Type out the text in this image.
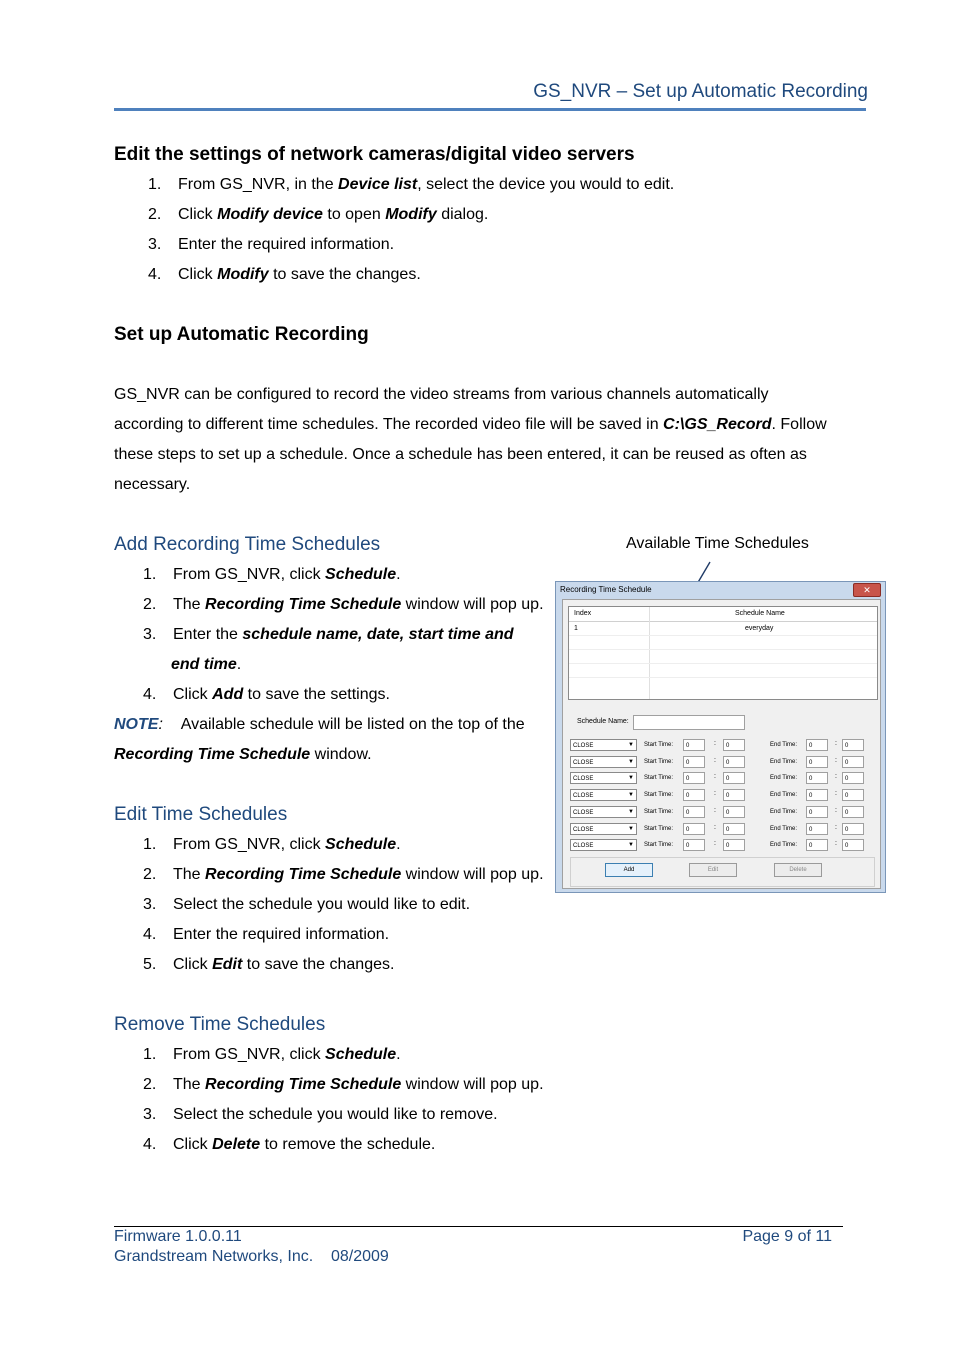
GS_NVR – Set up Automatic Recording
Edit the settings of network cameras/digital video servers
1. From GS_NVR, in the Device list, select the device you would to edit.
2. Click Modify device to open Modify dialog.
3. Enter the required information.
4. Click Modify to save the changes.
Set up Automatic Recording
GS_NVR can be configured to record the video streams from various channels automatically
according to different time schedules. The recorded video file will be saved in C:\GS_Record. Follow
these steps to set up a schedule. Once a schedule has been entered, it can be reused as often as
necessary.
Add Recording Time Schedules
1. From GS_NVR, click Schedule.
2. The Recording Time Schedule window will pop up.
3. Enter the schedule name, date, start time and
end time.
4. Click Add to save the settings.
NOTE: Available schedule will be listed on the top of the
Recording Time Schedule window.
Edit Time Schedules
1. From GS_NVR, click Schedule.
2. The Recording Time Schedule window will pop up.
3. Select the schedule you would like to edit.
4. Enter the required information.
5. Click Edit to save the changes.
Remove Time Schedules
1. From GS_NVR, click Schedule.
2. The Recording Time Schedule window will pop up.
3. Select the schedule you would like to remove.
4. Click Delete to remove the schedule.
Available Time Schedules
Recording Time Schedule	✕
Index	Schedule Name
1	everyday
Schedule Name:
CLOSE	▼	Start Time:	0	:	0	End Time:	0	:	0
CLOSE	▼	Start Time:	0	:	0	End Time:	0	:	0
CLOSE	▼	Start Time:	0	:	0	End Time:	0	:	0
CLOSE	▼	Start Time:	0	:	0	End Time:	0	:	0
CLOSE	▼	Start Time:	0	:	0	End Time:	0	:	0
CLOSE	▼	Start Time:	0	:	0	End Time:	0	:	0
CLOSE	▼	Start Time:	0	:	0	End Time:	0	:	0
Add	Edit	Delete
Firmware 1.0.0.11
Grandstream Networks, Inc. 08/2009
Page 9 of 11
